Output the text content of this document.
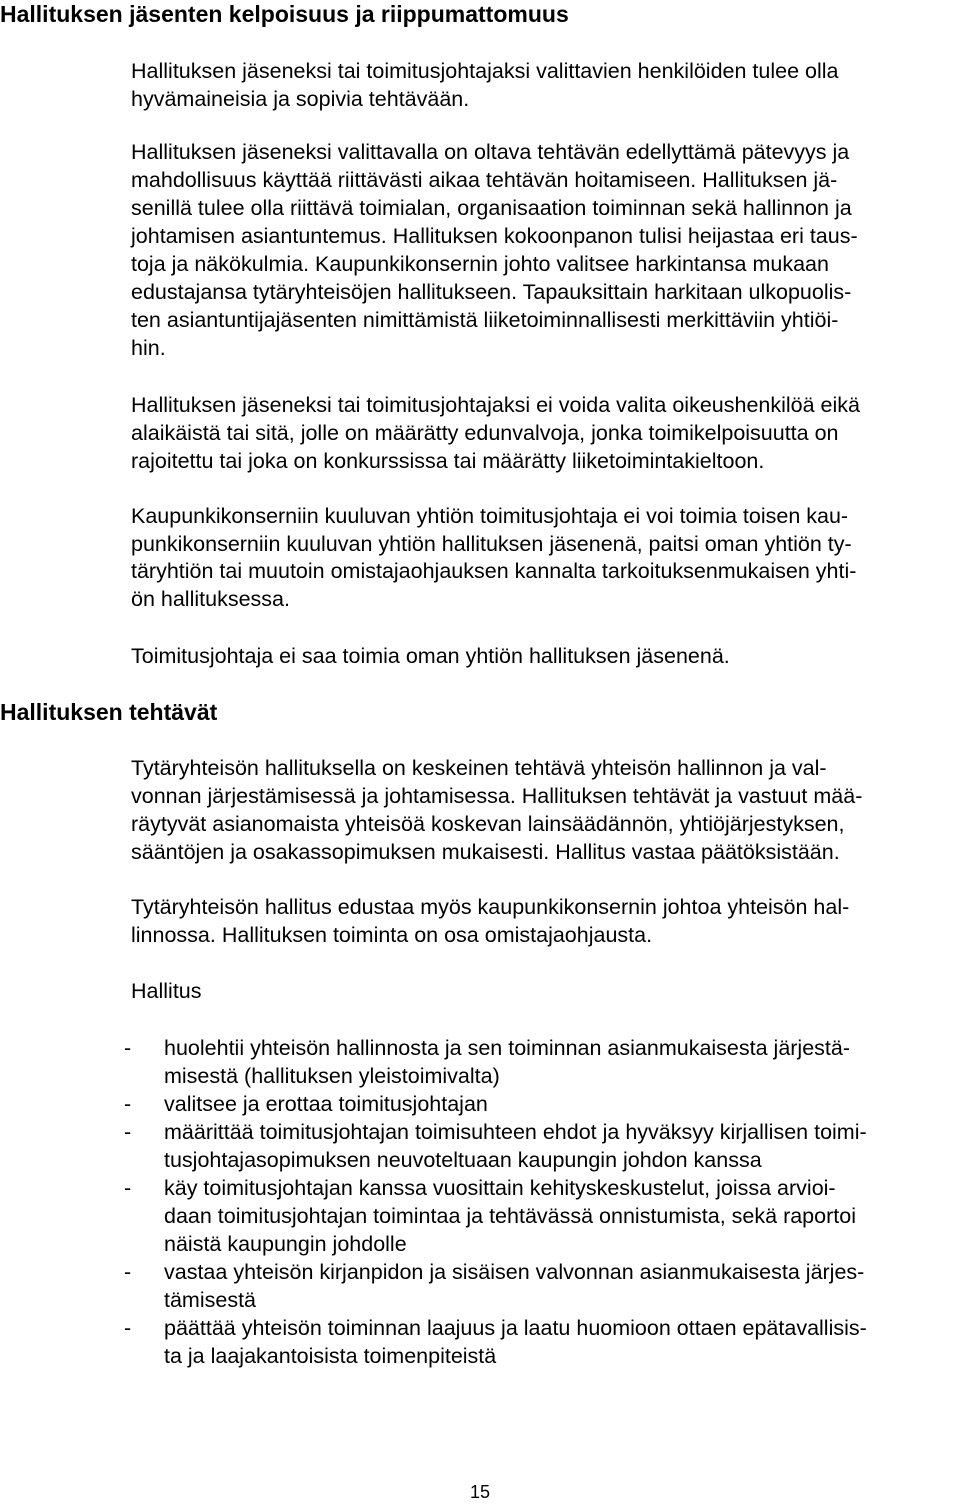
Hallituksen jäsenten kelpoisuus ja riippumattomuus

Hallituksen jäseneksi tai toimitusjohtajaksi valittavien henkilöiden tulee olla
hyvämaineisia ja sopivia tehtävään.

Hallituksen jäseneksi valittavalla on oltava tehtävän edellyttämä pätevyys ja
mahdollisuus käyttää riittävästi aikaa tehtävän hoitamiseen. Hallituksen jä-
senillä tulee olla riittävä toimialan, organisaation toiminnan sekä hallinnon ja
johtamisen asiantuntemus. Hallituksen kokoonpanon tulisi heijastaa eri taus-
toja ja näkökulmia. Kaupunkikonsernin johto valitsee harkintansa mukaan
edustajansa tytäryhteisöjen hallitukseen. Tapauksittain harkitaan ulkopuolis-
ten asiantuntijajäsenten nimittämistä liiketoiminnallisesti merkittäviin yhtiöi-
hin.

Hallituksen jäseneksi tai toimitusjohtajaksi ei voida valita oikeushenkilöä eikä
alaikäistä tai sitä, jolle on määrätty edunvalvoja, jonka toimikelpoisuutta on
rajoitettu tai joka on konkurssissa tai määrätty liiketoimintakieltoon.

Kaupunkikonserniin kuuluvan yhtiön toimitusjohtaja ei voi toimia toisen kau-
punkikonserniin kuuluvan yhtiön hallituksen jäsenenä, paitsi oman yhtiön ty-
täryhtiön tai muutoin omistajaohjauksen kannalta tarkoituksenmukaisen yhti-
ön hallituksessa.

Toimitusjohtaja ei saa toimia oman yhtiön hallituksen jäsenenä.

Hallituksen tehtävät

Tytäryhteisön hallituksella on keskeinen tehtävä yhteisön hallinnon ja val-
vonnan järjestämisessä ja johtamisessa. Hallituksen tehtävät ja vastuut mää-
räytyvät asianomaista yhteisöä koskevan lainsäädännön, yhtiöjärjestyksen,
sääntöjen ja osakassopimuksen mukaisesti. Hallitus vastaa päätöksistään.

Tytäryhteisön hallitus edustaa myös kaupunkikonsernin johtoa yhteisön hal-
linnossa. Hallituksen toiminta on osa omistajaohjausta.

Hallitus

-	huolehtii yhteisön hallinnosta ja sen toiminnan asianmukaisesta järjestä-
misestä (hallituksen yleistoimivalta)
-	valitsee ja erottaa toimitusjohtajan
-	määrittää toimitusjohtajan toimisuhteen ehdot ja hyväksyy kirjallisen toimi-
tusjohtajasopimuksen neuvoteltuaan kaupungin johdon kanssa
-	käy toimitusjohtajan kanssa vuosittain kehityskeskustelut, joissa arvioi-
daan toimitusjohtajan toimintaa ja tehtävässä onnistumista, sekä raportoi
näistä kaupungin johdolle
-	vastaa yhteisön kirjanpidon ja sisäisen valvonnan asianmukaisesta järjes-
tämisestä
-	päättää yhteisön toiminnan laajuus ja laatu huomioon ottaen epätavallisis-
ta ja laajakantoisista toimenpiteistä
15
